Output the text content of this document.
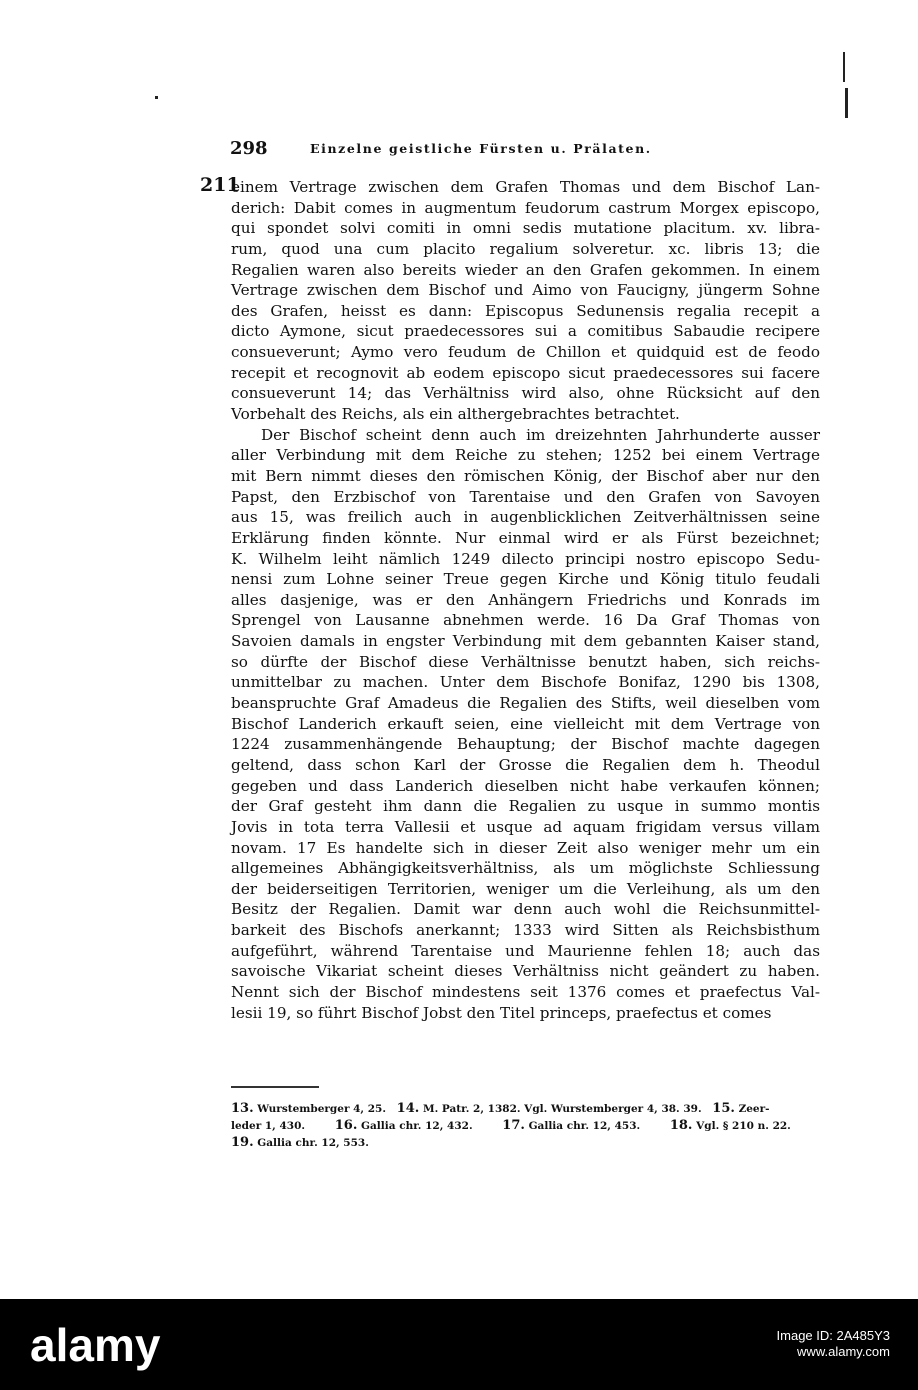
298	Einzelne geistliche Fürsten u. Prälaten.
211
einem Vertrage zwischen dem Grafen Thomas und dem Bischof Lan-
derich: Dabit comes in augmentum feudorum castrum Morgex episcopo,
qui spondet solvi comiti in omni sedis mutatione placitum. xv. libra-
rum, quod una cum placito regalium solveretur. xc. libris 13; die
Regalien waren also bereits wieder an den Grafen gekommen. In einem
Vertrage zwischen dem Bischof und Aimo von Faucigny, jüngerm Sohne
des Grafen, heisst es dann: Episcopus Sedunensis regalia recepit a
dicto Aymone, sicut praedecessores sui a comitibus Sabaudie recipere
consueverunt; Aymo vero feudum de Chillon et quidquid est de feodo
recepit et recognovit ab eodem episcopo sicut praedecessores sui facere
consueverunt 14; das Verhältniss wird also, ohne Rücksicht auf den
Vorbehalt des Reichs, als ein althergebrachtes betrachtet.
Der Bischof scheint denn auch im dreizehnten Jahrhunderte ausser
aller Verbindung mit dem Reiche zu stehen; 1252 bei einem Vertrage
mit Bern nimmt dieses den römischen König, der Bischof aber nur den
Papst, den Erzbischof von Tarentaise und den Grafen von Savoyen
aus 15, was freilich auch in augenblicklichen Zeitverhältnissen seine
Erklärung finden könnte. Nur einmal wird er als Fürst bezeichnet;
K. Wilhelm leiht nämlich 1249 dilecto principi nostro episcopo Sedu-
nensi zum Lohne seiner Treue gegen Kirche und König titulo feudali
alles dasjenige, was er den Anhängern Friedrichs und Konrads im
Sprengel von Lausanne abnehmen werde. 16 Da Graf Thomas von
Savoien damals in engster Verbindung mit dem gebannten Kaiser stand,
so dürfte der Bischof diese Verhältnisse benutzt haben, sich reichs-
unmittelbar zu machen. Unter dem Bischofe Bonifaz, 1290 bis 1308,
beanspruchte Graf Amadeus die Regalien des Stifts, weil dieselben vom
Bischof Landerich erkauft seien, eine vielleicht mit dem Vertrage von
1224 zusammenhängende Behauptung; der Bischof machte dagegen
geltend, dass schon Karl der Grosse die Regalien dem h. Theodul
gegeben und dass Landerich dieselben nicht habe verkaufen können;
der Graf gesteht ihm dann die Regalien zu usque in summo montis
Jovis in tota terra Vallesii et usque ad aquam frigidam versus villam
novam. 17 Es handelte sich in dieser Zeit also weniger mehr um ein
allgemeines Abhängigkeitsverhältniss, als um möglichste Schliessung
der beiderseitigen Territorien, weniger um die Verleihung, als um den
Besitz der Regalien. Damit war denn auch wohl die Reichsunmittel-
barkeit des Bischofs anerkannt; 1333 wird Sitten als Reichsbisthum
aufgeführt, während Tarentaise und Maurienne fehlen 18; auch das
savoische Vikariat scheint dieses Verhältniss nicht geändert zu haben.
Nennt sich der Bischof mindestens seit 1376 comes et praefectus Val-
lesii 19, so führt Bischof Jobst den Titel princeps, praefectus et comes
13. Wurstemberger 4, 25. 14. M. Patr. 2, 1382. Vgl. Wurstemberger 4, 38. 39. 15. Zeer-
leder 1, 430. 16. Gallia chr. 12, 432. 17. Gallia chr. 12, 453. 18. Vgl. § 210 n. 22.
19. Gallia chr. 12, 553.
alamy	Image ID: 2A485Y3
www.alamy.com
